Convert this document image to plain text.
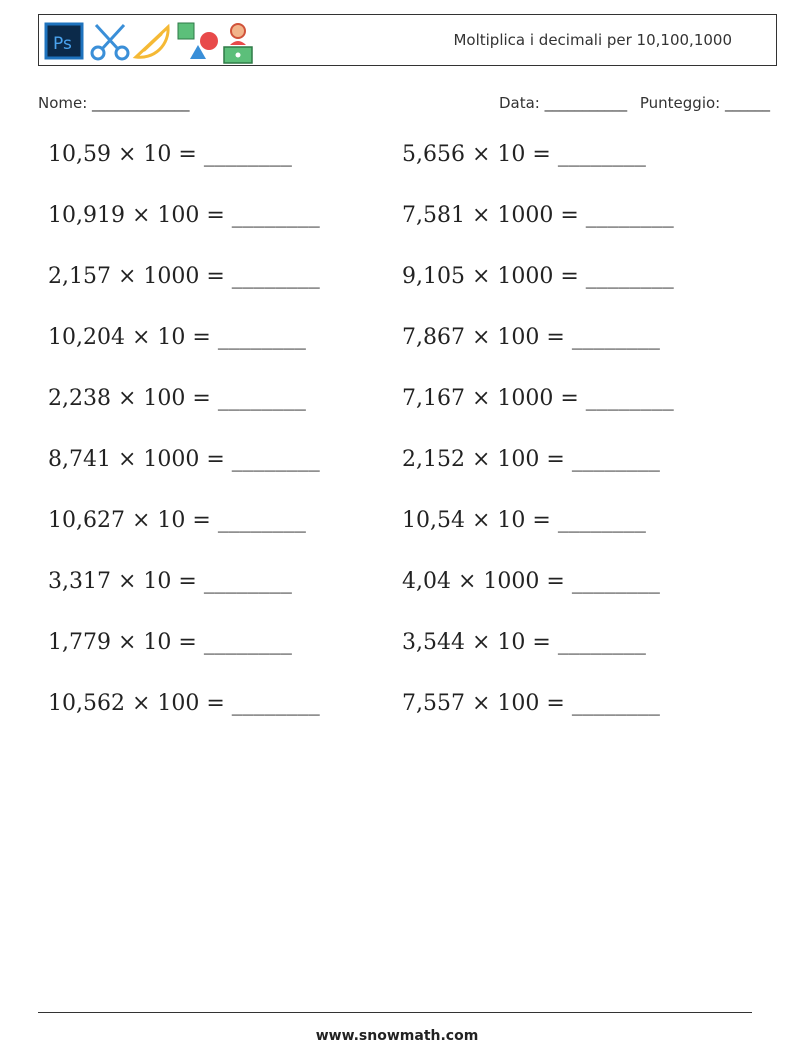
Ps	Moltiplica i decimali per 10,100,1000
Nome: _____________	Data: ___________ Punteggio: ______
10,59 × 10 = ________	5,656 × 10 = ________
10,919 × 100 = ________	7,581 × 1000 = ________
2,157 × 1000 = ________	9,105 × 1000 = ________
10,204 × 10 = ________	7,867 × 100 = ________
2,238 × 100 = ________	7,167 × 1000 = ________
8,741 × 1000 = ________	2,152 × 100 = ________
10,627 × 10 = ________	10,54 × 10 = ________
3,317 × 10 = ________	4,04 × 1000 = ________
1,779 × 10 = ________	3,544 × 10 = ________
10,562 × 100 = ________	7,557 × 100 = ________
www.snowmath.com
